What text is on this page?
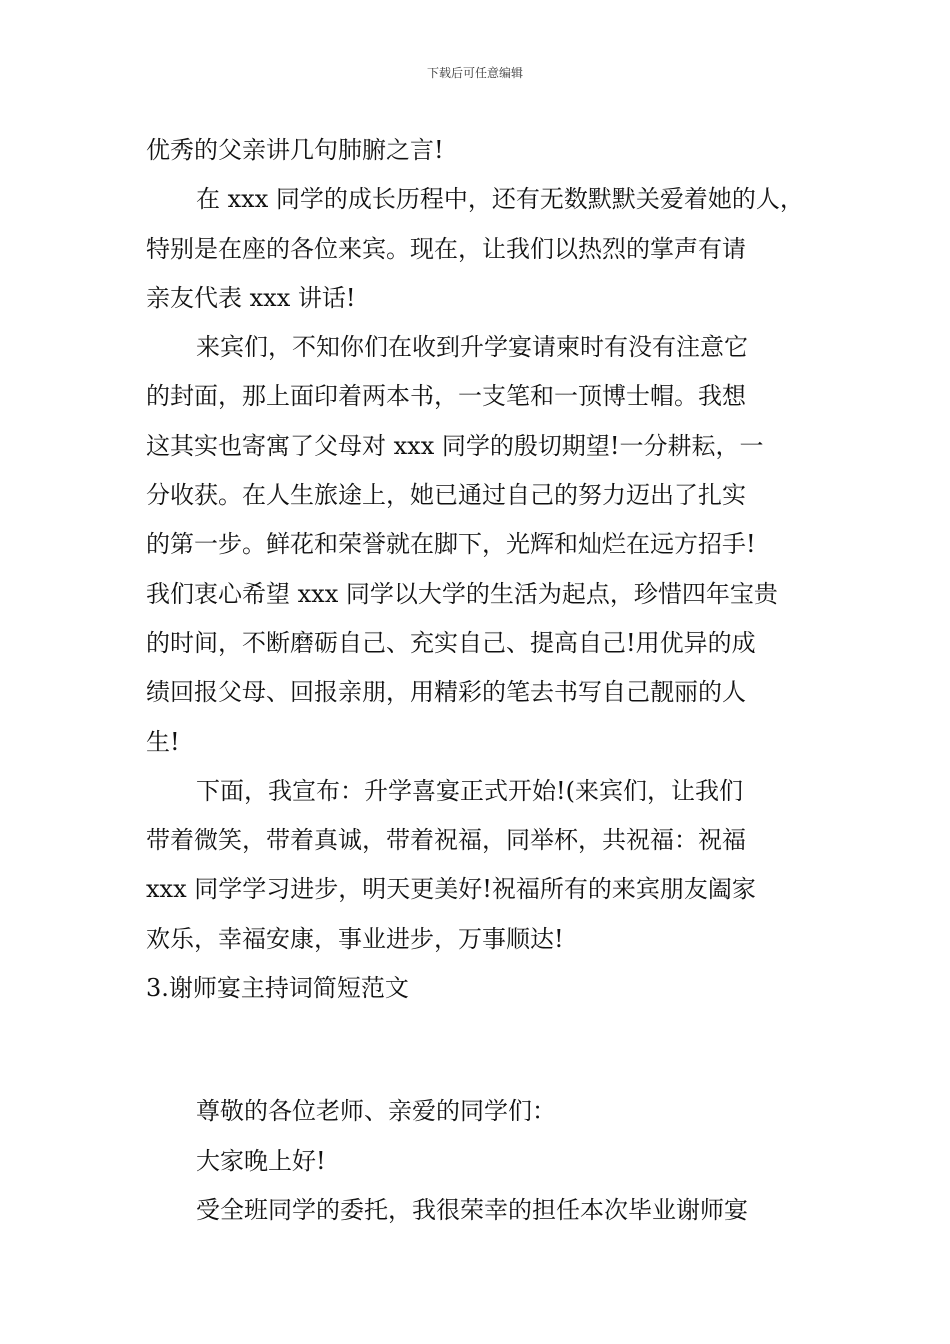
下载后可任意编辑
优秀的父亲讲几句肺腑之言!
在 xxx 同学的成长历程中，还有无数默默关爱着她的人，
特别是在座的各位来宾。现在，让我们以热烈的掌声有请
亲友代表 xxx 讲话!
来宾们，不知你们在收到升学宴请柬时有没有注意它
的封面，那上面印着两本书，一支笔和一顶博士帽。我想
这其实也寄寓了父母对 xxx 同学的殷切期望!一分耕耘，一
分收获。在人生旅途上，她已通过自己的努力迈出了扎实
的第一步。鲜花和荣誉就在脚下，光辉和灿烂在远方招手!
我们衷心希望 xxx 同学以大学的生活为起点，珍惜四年宝贵
的时间，不断磨砺自己、充实自己、提高自己!用优异的成
绩回报父母、回报亲朋，用精彩的笔去书写自己靓丽的人
生!
下面，我宣布：升学喜宴正式开始!(来宾们，让我们
带着微笑，带着真诚，带着祝福，同举杯，共祝福：祝福
xxx 同学学习进步，明天更美好!祝福所有的来宾朋友阖家
欢乐，幸福安康，事业进步，万事顺达!
3.谢师宴主持词简短范文
尊敬的各位老师、亲爱的同学们：
大家晚上好!
受全班同学的委托，我很荣幸的担任本次毕业谢师宴
